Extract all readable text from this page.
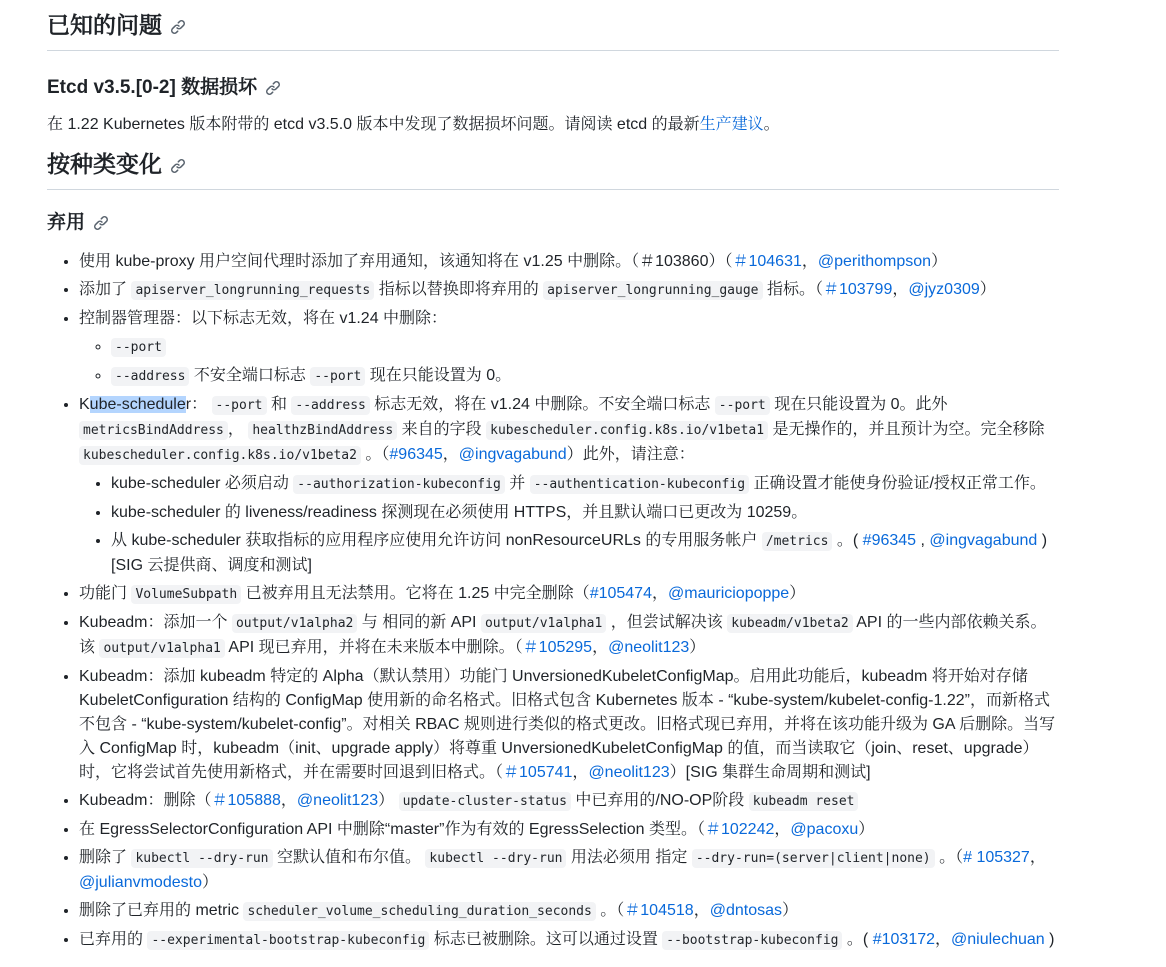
已知的问题
Etcd v3.5.[0-2] 数据损坏

在 1.22 Kubernetes 版本附带的 etcd v3.5.0 版本中发现了数据损坏问题。请阅读 etcd 的最新生产建议。

按种类变化
弃用
• 使用 kube-proxy 用户空间代理时添加了弃用通知，该通知将在 v1.25 中删除。（＃103860）（＃104631，@perithompson）
• 添加了 apiserver_longrunning_requests 指标以替换即将弃用的 apiserver_longrunning_gauge 指标。（＃103799，@jyz0309）
• 控制器管理器：以下标志无效，将在 v1.24 中删除：
◦ --port
◦ --address 不安全端口标志 --port 现在只能设置为 0。
• Kube-scheduler： --port 和 --address 标志无效，将在 v1.24 中删除。不安全端口标志 --port 现在只能设置为 0。此外 metricsBindAddress ， healthzBindAddress 来自的字段 kubescheduler.config.k8s.io/v1beta1 是无操作的，并且预计为空。完全移除 kubescheduler.config.k8s.io/v1beta2 。（#96345，@ingvagabund）此外，请注意：
• kube-scheduler 必须启动 --authorization-kubeconfig 并 --authentication-kubeconfig 正确设置才能使身份验证/授权正常工作。
• kube-scheduler 的 liveness/readiness 探测现在必须使用 HTTPS，并且默认端口已更改为 10259。
• 从 kube-scheduler 获取指标的应用程序应使用允许访问 nonResourceURLs 的专用服务帐户 /metrics 。( #96345 , @ingvagabund ) [SIG 云提供商、调度和测试]
• 功能门 VolumeSubpath 已被弃用且无法禁用。它将在 1.25 中完全删除（#105474，@mauriciopoppe）
• Kubeadm：添加一个 output/v1alpha2 与 相同的新 API output/v1alpha1 ，但尝试解决该 kubeadm/v1beta2 API 的一些内部依赖关系。该 output/v1alpha1 API 现已弃用，并将在未来版本中删除。（＃105295，@neolit123）
• Kubeadm：添加 kubeadm 特定的 Alpha（默认禁用）功能门 UnversionedKubeletConfigMap。启用此功能后，kubeadm 将开始对存储 KubeletConfiguration 结构的 ConfigMap 使用新的命名格式。旧格式包含 Kubernetes 版本 - “kube-system/kubelet-config-1.22”，而新格式不包含 - “kube-system/kubelet-config”。对相关 RBAC 规则进行类似的格式更改。旧格式现已弃用，并将在该功能升级为 GA 后删除。当写入 ConfigMap 时，kubeadm（init、upgrade apply）将尊重 UnversionedKubeletConfigMap 的值，而当读取它（join、reset、upgrade）时，它将尝试首先使用新格式，并在需要时回退到旧格式。（＃105741，@neolit123）[SIG 集群生命周期和测试]
• Kubeadm：删除（＃105888，@neolit123） update-cluster-status 中已弃用的/NO-OP阶段 kubeadm reset
• 在 EgressSelectorConfiguration API 中删除“master”作为有效的 EgressSelection 类型。（＃102242，@pacoxu）
• 删除了 kubectl --dry-run 空默认值和布尔值。 kubectl --dry-run 用法必须用 指定 --dry-run=(server|client|none) 。（# 105327，@julianvmodesto）
• 删除了已弃用的 metric scheduler_volume_scheduling_duration_seconds 。（＃104518，@dntosas）
• 已弃用的 --experimental-bootstrap-kubeconfig 标志已被删除。这可以通过设置 --bootstrap-kubeconfig 。( #103172，@niulechuan )
